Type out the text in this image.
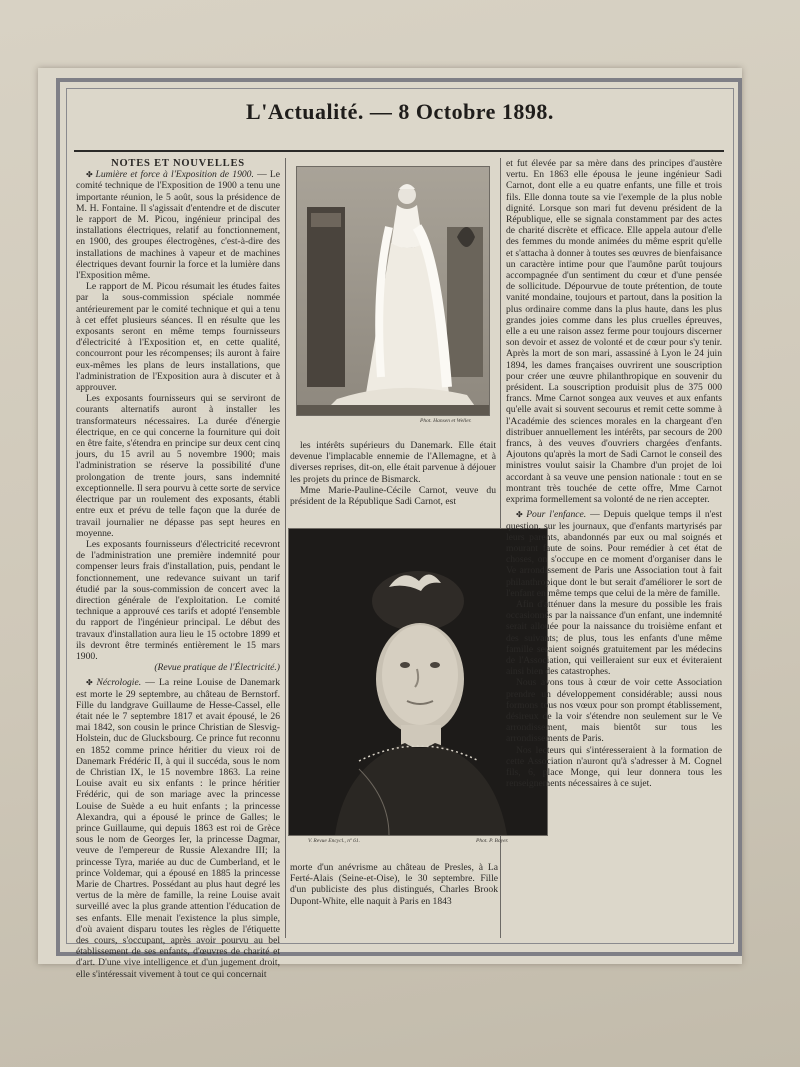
L'Actualité. — 8 Octobre 1898.

NOTES ET NOUVELLES

✤ Lumière et force à l'Exposition de 1900. — Le comité technique de l'Exposition de 1900 a tenu une importante réunion, le 5 août, sous la présidence de M. H. Fontaine. Il s'agissait d'entendre et de discuter le rapport de M. Picou, ingénieur principal des installations électriques, relatif au fonctionnement, en 1900, des groupes électrogènes, c'est-à-dire des installations de machines à vapeur et de machines électriques devant fournir la force et la lumière dans l'Exposition même.

Le rapport de M. Picou résumait les études faites par la sous-commission spéciale nommée antérieurement par le comité technique et qui a tenu à cet effet plusieurs séances. Il en résulte que les exposants seront en même temps fournisseurs d'électricité à l'Exposition et, en cette qualité, concourront pour les récompenses; ils auront à faire eux-mêmes les plans de leurs installations, que l'administration de l'Exposition aura à discuter et à approuver.

Les exposants fournisseurs qui se serviront de courants alternatifs auront à installer les transformateurs nécessaires. La durée d'énergie électrique, en ce qui concerne la fourniture qui doit en être faite, s'étendra en principe sur deux cent cinq jours, du 15 avril au 5 novembre 1900; mais l'administration se réserve la possibilité d'une prolongation de trente jours, sans indemnité exceptionnelle. Il sera pourvu à cette sorte de service électrique par un roulement des exposants, établi entre eux et prévu de telle façon que la durée de travail journalier ne dépasse pas sept heures en moyenne.

Les exposants fournisseurs d'électricité recevront de l'administration une première indemnité pour compenser leurs frais d'installation, puis, pendant le fonctionnement, une redevance suivant un tarif étudié par la sous-commission de concert avec la direction générale de l'exploitation. Le comité technique a approuvé ces tarifs et adopté l'ensemble du rapport de l'ingénieur principal. Le début des travaux d'installation aura lieu le 15 octobre 1899 et ils devront être terminés entièrement le 15 mars 1900.

(Revue pratique de l'Électricité.)

✤ Nécrologie. — La reine Louise de Danemark est morte le 29 septembre, au château de Bernstorf. Fille du landgrave Guillaume de Hesse-Cassel, elle était née le 7 septembre 1817 et avait épousé, le 26 mai 1842, son cousin le prince Christian de Slesvig-Holstein, duc de Glucksbourg. Ce prince fut reconnu en 1852 comme prince héritier du vieux roi de Danemark Frédéric II, à qui il succéda, sous le nom de Christian IX, le 15 novembre 1863. La reine Louise avait eu six enfants : le prince héritier Frédéric, qui de son mariage avec la princesse Louise de Suède a eu huit enfants ; la princesse Alexandra, qui a épousé le prince de Galles; le prince Guillaume, qui depuis 1863 est roi de Grèce sous le nom de Georges Ier, la princesse Dagmar, veuve de l'empereur de Russie Alexandre III; la princesse Tyra, mariée au duc de Cumberland, et le prince Voldemar, qui a épousé en 1885 la princesse Marie de Chartres. Possédant au plus haut degré les vertus de la mère de famille, la reine Louise avait surveillé avec la plus grande attention l'éducation de ses enfants. Elle menait l'existence la plus simple, d'où avaient disparu toutes les règles de l'étiquette des cours, s'occupant, après avoir pourvu au bel établissement de ses enfants, d'œuvres de charité et d'art. D'une vive intelligence et d'un jugement droit, elle s'intéressait vivement à tout ce qui concernait

Phot. Hansen et Weller.

les intérêts supérieurs du Danemark. Elle était devenue l'implacable ennemie de l'Allemagne, et à diverses reprises, dit-on, elle était parvenue à déjouer les projets du prince de Bismarck.

Mme Marie-Pauline-Cécile Carnot, veuve du président de la République Sadi Carnot, est

V. Revue Encycl., nº 61.	Phot. P. Boyer.

morte d'un anévrisme au château de Presles, à La Ferté-Alais (Seine-et-Oise), le 30 septembre. Fille d'un publiciste des plus distingués, Charles Brook Dupont-White, elle naquit à Paris en 1843

et fut élevée par sa mère dans des principes d'austère vertu. En 1863 elle épousa le jeune ingénieur Sadi Carnot, dont elle a eu quatre enfants, une fille et trois fils. Elle donna toute sa vie l'exemple de la plus noble dignité. Lorsque son mari fut devenu président de la République, elle se signala constamment par des actes de charité discrète et efficace. Elle appela autour d'elle des femmes du monde animées du même esprit qu'elle et s'attacha à donner à toutes ses œuvres de bienfaisance un caractère intime pour que l'aumône parût toujours accompagnée d'un sentiment du cœur et d'une pensée de sollicitude. Dépourvue de toute prétention, de toute vanité mondaine, toujours et partout, dans la position la plus ordinaire comme dans la plus haute, dans les plus grandes joies comme dans les plus cruelles épreuves, elle a eu une raison assez ferme pour toujours discerner son devoir et assez de volonté et de cœur pour s'y tenir. Après la mort de son mari, assassiné à Lyon le 24 juin 1894, les dames françaises ouvrirent une souscription pour créer une œuvre philanthropique en souvenir du président. La souscription produisit plus de 375 000 francs. Mme Carnot songea aux veuves et aux enfants qu'elle avait si souvent secourus et remit cette somme à l'Académie des sciences morales en la chargeant d'en distribuer annuellement les intérêts, par secours de 200 francs, à des veuves d'ouvriers chargées d'enfants. Ajoutons qu'après la mort de Sadi Carnot le conseil des ministres voulut saisir la Chambre d'un projet de loi accordant à sa veuve une pension nationale : tout en se montrant très touchée de cette offre, Mme Carnot exprima formellement sa volonté de ne rien accepter.

✤ Pour l'enfance. — Depuis quelque temps il n'est question, sur les journaux, que d'enfants martyrisés par leurs parents, abandonnés par eux ou mal soignés et mourant faute de soins. Pour remédier à cet état de choses, on s'occupe en ce moment d'organiser dans le Ve arrondissement de Paris une Association tout à fait philanthropique dont le but serait d'améliorer le sort de l'enfant en même temps que celui de la mère de famille.

Afin d'atténuer dans la mesure du possible les frais occasionnés par la naissance d'un enfant, une indemnité serait allouée pour la naissance du troisième enfant et des suivants; de plus, tous les enfants d'une même famille seraient soignés gratuitement par les médecins de l'Association, qui veilleraient sur eux et éviteraient ainsi bien des catastrophes.

Nous avons tous à cœur de voir cette Association prendre un développement considérable; aussi nous formons tous nos vœux pour son prompt établissement, désireux de la voir s'étendre non seulement sur le Ve arrondissement, mais bientôt sur tous les arrondissements de Paris.

Nos lecteurs qui s'intéresseraient à la formation de cette Association n'auront qu'à s'adresser à M. Cognel fils, 6, place Monge, qui leur donnera tous les renseignements nécessaires à ce sujet.
